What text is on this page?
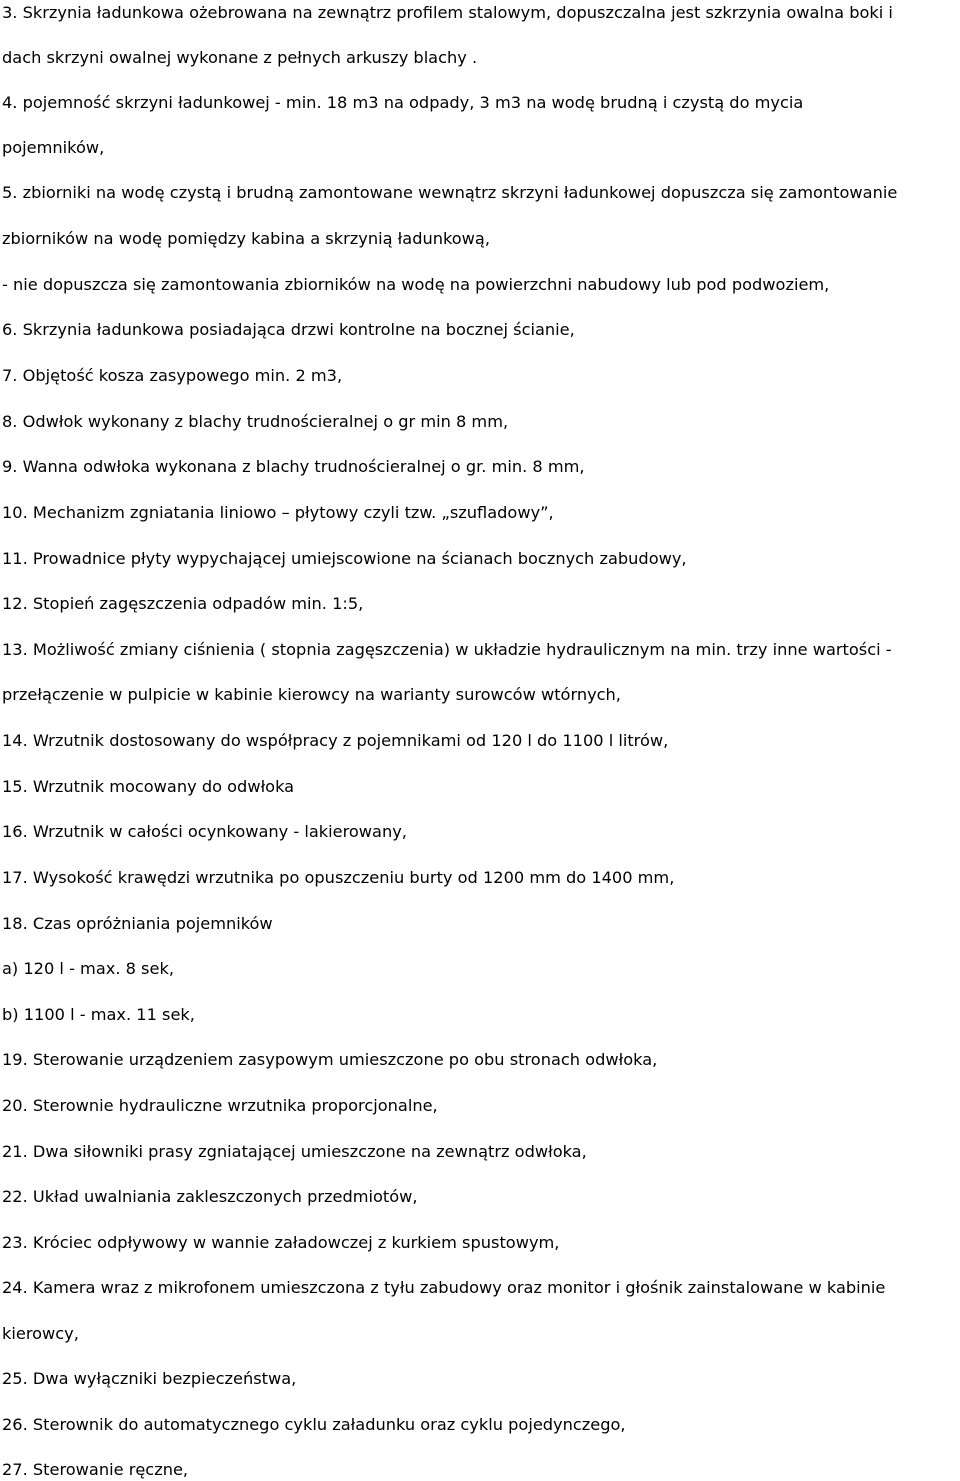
3. Skrzynia ładunkowa ożebrowana na zewnątrz profilem stalowym, dopuszczalna jest szkrzynia owalna boki i
dach skrzyni owalnej wykonane z pełnych arkuszy blachy .
4. pojemność skrzyni ładunkowej - min. 18 m3 na odpady, 3 m3 na wodę brudną i czystą do mycia
pojemników,
5. zbiorniki na wodę czystą i brudną zamontowane wewnątrz skrzyni ładunkowej dopuszcza się zamontowanie
zbiorników na wodę pomiędzy kabina a skrzynią ładunkową,
- nie dopuszcza się zamontowania zbiorników na wodę na powierzchni nabudowy lub pod podwoziem,
6. Skrzynia ładunkowa posiadająca drzwi kontrolne na bocznej ścianie,
7. Objętość kosza zasypowego min. 2 m3,
8. Odwłok wykonany z blachy trudnościeralnej o gr min 8 mm,
9. Wanna odwłoka wykonana z blachy trudnościeralnej o gr. min. 8 mm,
10. Mechanizm zgniatania liniowo – płytowy czyli tzw. „szufladowy”,
11. Prowadnice płyty wypychającej umiejscowione na ścianach bocznych zabudowy,
12. Stopień zagęszczenia odpadów min. 1:5,
13. Możliwość zmiany ciśnienia ( stopnia zagęszczenia) w układzie hydraulicznym na min. trzy inne wartości -
przełączenie w pulpicie w kabinie kierowcy na warianty surowców wtórnych,
14. Wrzutnik dostosowany do współpracy z pojemnikami od 120 l do 1100 l litrów,
15. Wrzutnik mocowany do odwłoka
16. Wrzutnik w całości ocynkowany - lakierowany,
17. Wysokość krawędzi wrzutnika po opuszczeniu burty od 1200 mm do 1400 mm,
18. Czas opróżniania pojemników
a) 120 l - max. 8 sek,
b) 1100 l - max. 11 sek,
19. Sterowanie urządzeniem zasypowym umieszczone po obu stronach odwłoka,
20. Sterownie hydrauliczne wrzutnika proporcjonalne,
21. Dwa siłowniki prasy zgniatającej umieszczone na zewnątrz odwłoka,
22. Układ uwalniania zakleszczonych przedmiotów,
23. Króciec odpływowy w wannie załadowczej z kurkiem spustowym,
24. Kamera wraz z mikrofonem umieszczona z tyłu zabudowy oraz monitor i głośnik zainstalowane w kabinie
kierowcy,
25. Dwa wyłączniki bezpieczeństwa,
26. Sterownik do automatycznego cyklu załadunku oraz cyklu pojedynczego,
27. Sterowanie ręczne,
